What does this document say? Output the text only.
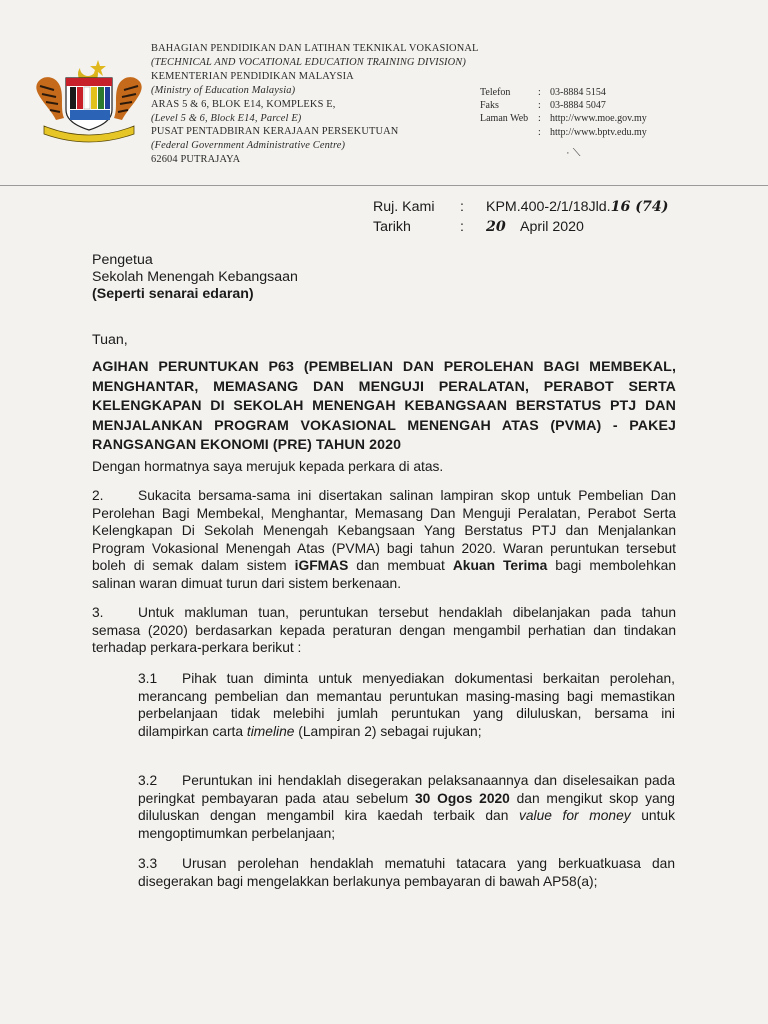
BAHAGIAN PENDIDIKAN DAN LATIHAN TEKNIKAL VOKASIONAL
(TECHNICAL AND VOCATIONAL EDUCATION TRAINING DIVISION)
KEMENTERIAN PENDIDIKAN MALAYSIA
(Ministry of Education Malaysia)
ARAS 5 & 6, BLOK E14, KOMPLEKS E,
(Level 5 & 6, Block E14, Parcel E)
PUSAT PENTADBIRAN KERAJAAN PERSEKUTUAN
(Federal Government Administrative Centre)
62604 PUTRAJAYA
Telefon	: 03-8884 5154
Faks	: 03-8884 5047
Laman Web : http://www.moe.gov.my
: http://www.bptv.edu.my
· ⟍
Ruj. Kami	:	KPM.400-2/1/18Jld. 16 (74)
Tarikh	:	20	April 2020
Pengetua
Sekolah Menengah Kebangsaan
(Seperti senarai edaran)
Tuan,
AGIHAN PERUNTUKAN P63 (PEMBELIAN DAN PEROLEHAN BAGI MEMBEKAL, MENGHANTAR, MEMASANG DAN MENGUJI PERALATAN, PERABOT SERTA KELENGKAPAN DI SEKOLAH MENENGAH KEBANGSAAN BERSTATUS PTJ DAN MENJALANKAN PROGRAM VOKASIONAL MENENGAH ATAS (PVMA) - PAKEJ RANGSANGAN EKONOMI (PRE) TAHUN 2020
Dengan hormatnya saya merujuk kepada perkara di atas.
2. Sukacita bersama-sama ini disertakan salinan lampiran skop untuk Pembelian Dan Perolehan Bagi Membekal, Menghantar, Memasang Dan Menguji Peralatan, Perabot Serta Kelengkapan Di Sekolah Menengah Kebangsaan Yang Berstatus PTJ dan Menjalankan Program Vokasional Menengah Atas (PVMA) bagi tahun 2020. Waran peruntukan tersebut boleh di semak dalam sistem iGFMAS dan membuat Akuan Terima bagi membolehkan salinan waran dimuat turun dari sistem berkenaan.
3. Untuk makluman tuan, peruntukan tersebut hendaklah dibelanjakan pada tahun semasa (2020) berdasarkan kepada peraturan dengan mengambil perhatian dan tindakan terhadap perkara-perkara berikut :
3.1 Pihak tuan diminta untuk menyediakan dokumentasi berkaitan perolehan, merancang pembelian dan memantau peruntukan masing-masing bagi memastikan perbelanjaan tidak melebihi jumlah peruntukan yang diluluskan, bersama ini dilampirkan carta timeline (Lampiran 2) sebagai rujukan;
3.2 Peruntukan ini hendaklah disegerakan pelaksanaannya dan diselesaikan pada peringkat pembayaran pada atau sebelum 30 Ogos 2020 dan mengikut skop yang diluluskan dengan mengambil kira kaedah terbaik dan value for money untuk mengoptimumkan perbelanjaan;
3.3 Urusan perolehan hendaklah mematuhi tatacara yang berkuatkuasa dan disegerakan bagi mengelakkan berlakunya pembayaran di bawah AP58(a);
